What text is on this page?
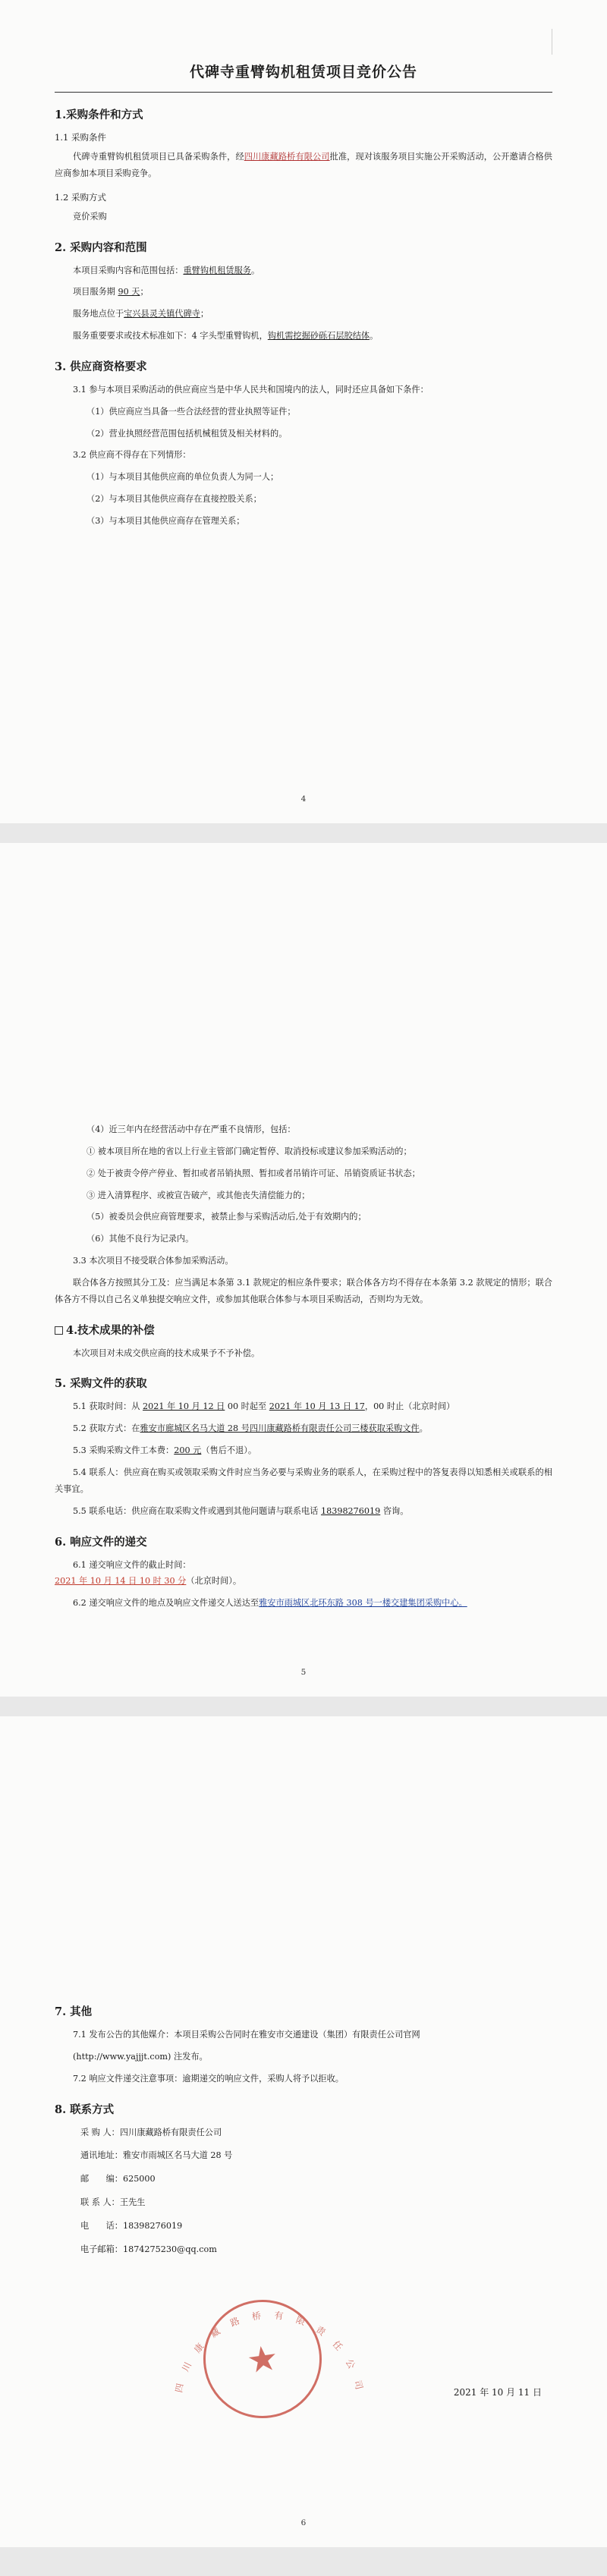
代碑寺重臂钩机租赁项目竞价公告
1.采购条件和方式
1.1 采购条件

代碑寺重臂钩机租赁项目已具备采购条件，经四川康藏路桥有限公司批准，现对该服务项目实施公开采购活动，公开邀请合格供应商参加本项目采购竞争。

1.2 采购方式

竞价采购

2. 采购内容和范围

本项目采购内容和范围包括：重臂钩机租赁服务。

项目服务期 90 天；

服务地点位于宝兴县灵关镇代碑寺；

服务重要要求或技术标准如下：4 字头型重臂钩机，钩机需挖掘砂砾石层胶结体。

3. 供应商资格要求

3.1 参与本项目采购活动的供应商应当是中华人民共和国境内的法人，同时还应具备如下条件：

（1）供应商应当具备一些合法经营的营业执照等证件；

（2）营业执照经营范围包括机械租赁及相关材料的。

3.2 供应商不得存在下列情形：

（1）与本项目其他供应商的单位负责人为同一人；

（2）与本项目其他供应商存在直接控股关系；

（3）与本项目其他供应商存在管理关系；

4

（4）近三年内在经营活动中存在严重不良情形，包括：

① 被本项目所在地的省以上行业主管部门确定暂停、取消投标或建议参加采购活动的；

② 处于被责令停产停业、暂扣或者吊销执照、暂扣或者吊销许可证、吊销资质证书状态；

③ 进入清算程序、或被宣告破产，或其他丧失清偿能力的；

（5）被委员会供应商管理要求，被禁止参与采购活动后,处于有效期内的；

（6）其他不良行为记录内。

3.3 本次项目不接受联合体参加采购活动。

联合体各方按照其分工及：应当满足本条第 3.1 款规定的相应条件要求；联合体各方均不得存在本条第 3.2 款规定的情形；联合体各方不得以自己名义单独提交响应文件，或参加其他联合体参与本项目采购活动，否则均为无效。

4.技术成果的补偿

本次项目对未成交供应商的技术成果予不予补偿。

5. 采购文件的获取

5.1 获取时间：从 2021 年 10 月 12 日 00 时起至 2021 年 10 月 13 日 17，00 时止（北京时间）

5.2 获取方式：在雅安市廊城区名马大道 28 号四川康藏路桥有限责任公司三楼获取采购文件。

5.3 采购采购文件工本费：200 元（售后不退）。

5.4 联系人：供应商在购买或领取采购文件时应当务必要与采购业务的联系人，在采购过程中的答复表得以知悉相关或联系的相关事宜。

5.5 联系电话：供应商在取采购文件或遇到其他问题请与联系电话 18398276019 咨询。

6. 响应文件的递交

6.1 递交响应文件的截止时间：
2021 年 10 月 14 日 10 时 30 分（北京时间）。

6.2 递交响应文件的地点及响应文件递交人送达至雅安市雨城区北环东路 308 号一楼交建集团采购中心。

5
7. 其他

7.1 发布公告的其他媒介：本项目采购公告同时在雅安市交通建设（集团）有限责任公司官网

(http://www.yajjjt.com) 注发布。

7.2 响应文件递交注意事项：逾期递交的响应文件，采购人将予以拒收。

8. 联系方式

采 购 人：四川康藏路桥有限责任公司

通讯地址：雅安市雨城区名马大道 28 号

邮　　编：625000

联 系 人：王先生

电　　话：18398276019

电子邮箱：1874275230@qq.com

★
四
川
康
藏
路 桥 有 限
责
任
公
司
2021 年 10 月 11 日
6
